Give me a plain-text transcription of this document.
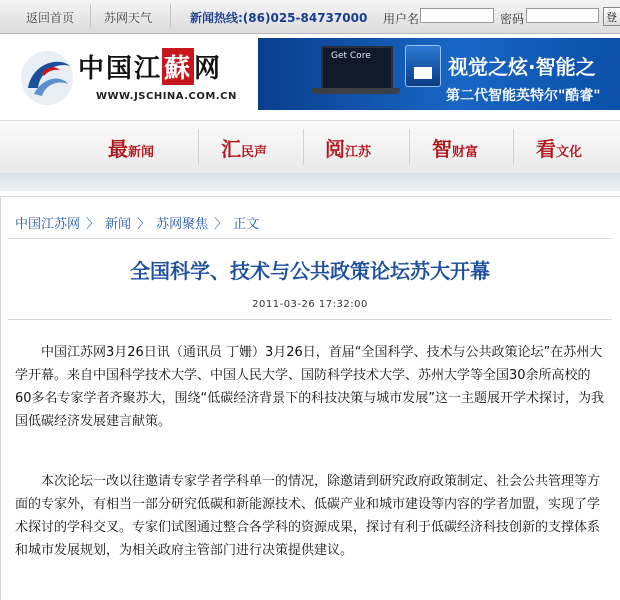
返回首页 苏网天气	新闻热线:(86)025-84737000 用户名	密码	登
中国江蘇网
WWW.JSCHINA.COM.CN
Get Core	视觉之炫·智能之
第二代智能英特尔"酷睿"
最新闻	汇民声	阅江苏	智财富	看文化
中国江苏网 〉 新闻 〉 苏网聚焦 〉 正文
全国科学、技术与公共政策论坛苏大开幕
2011-03-26 17:32:00

中国江苏网3月26日讯（通讯员 丁姗）3月26日，首届“全国科学、技术与公共政策论坛”在苏州大学开幕。来自中国科学技术大学、中国人民大学、国防科学技术大学、苏州大学等全国30余所高校的60多名专家学者齐聚苏大，围绕“低碳经济背景下的科技决策与城市发展”这一主题展开学术探讨，为我国低碳经济发展建言献策。

本次论坛一改以往邀请专家学者学科单一的情况，除邀请到研究政府政策制定、社会公共管理等方面的专家外，有相当一部分研究低碳和新能源技术、低碳产业和城市建设等内容的学者加盟，实现了学术探讨的学科交叉。专家们试图通过整合各学科的资源成果，探讨有利于低碳经济科技创新的支撑体系和城市发展规划，为相关政府主管部门进行决策提供建议。
